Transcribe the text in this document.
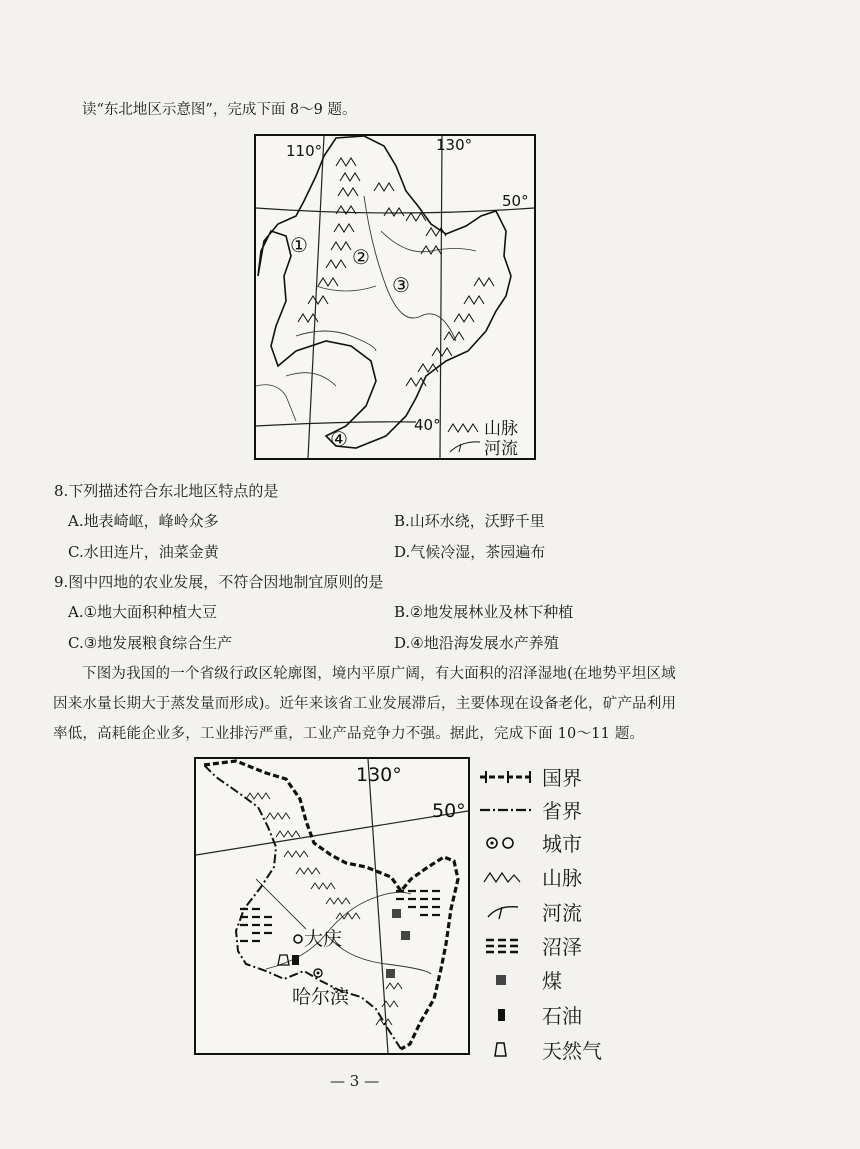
读“东北地区示意图”，完成下面 8～9 题。
110°	130°
50°
40°
① ②
③
④	山脉
河流
8.下列描述符合东北地区特点的是
A.地表崎岖，峰岭众多	B.山环水绕，沃野千里
C.水田连片，油菜金黄	D.气候冷湿，茶园遍布
9.图中四地的农业发展，不符合因地制宜原则的是
A.①地大面积种植大豆	B.②地发展林业及林下种植
C.③地发展粮食综合生产	D.④地沿海发展水产养殖
下图为我国的一个省级行政区轮廓图，境内平原广阔，有大面积的沼泽湿地(在地势平坦区域
因来水量长期大于蒸发量而形成)。近年来该省工业发展滞后，主要体现在设备老化，矿产品利用
率低，高耗能企业多，工业排污严重，工业产品竞争力不强。据此，完成下面 10～11 题。
130°
50°
大庆
哈尔滨
国界
省界
城市
山脉
河流
沼泽
煤
石油
天然气
— 3 —
